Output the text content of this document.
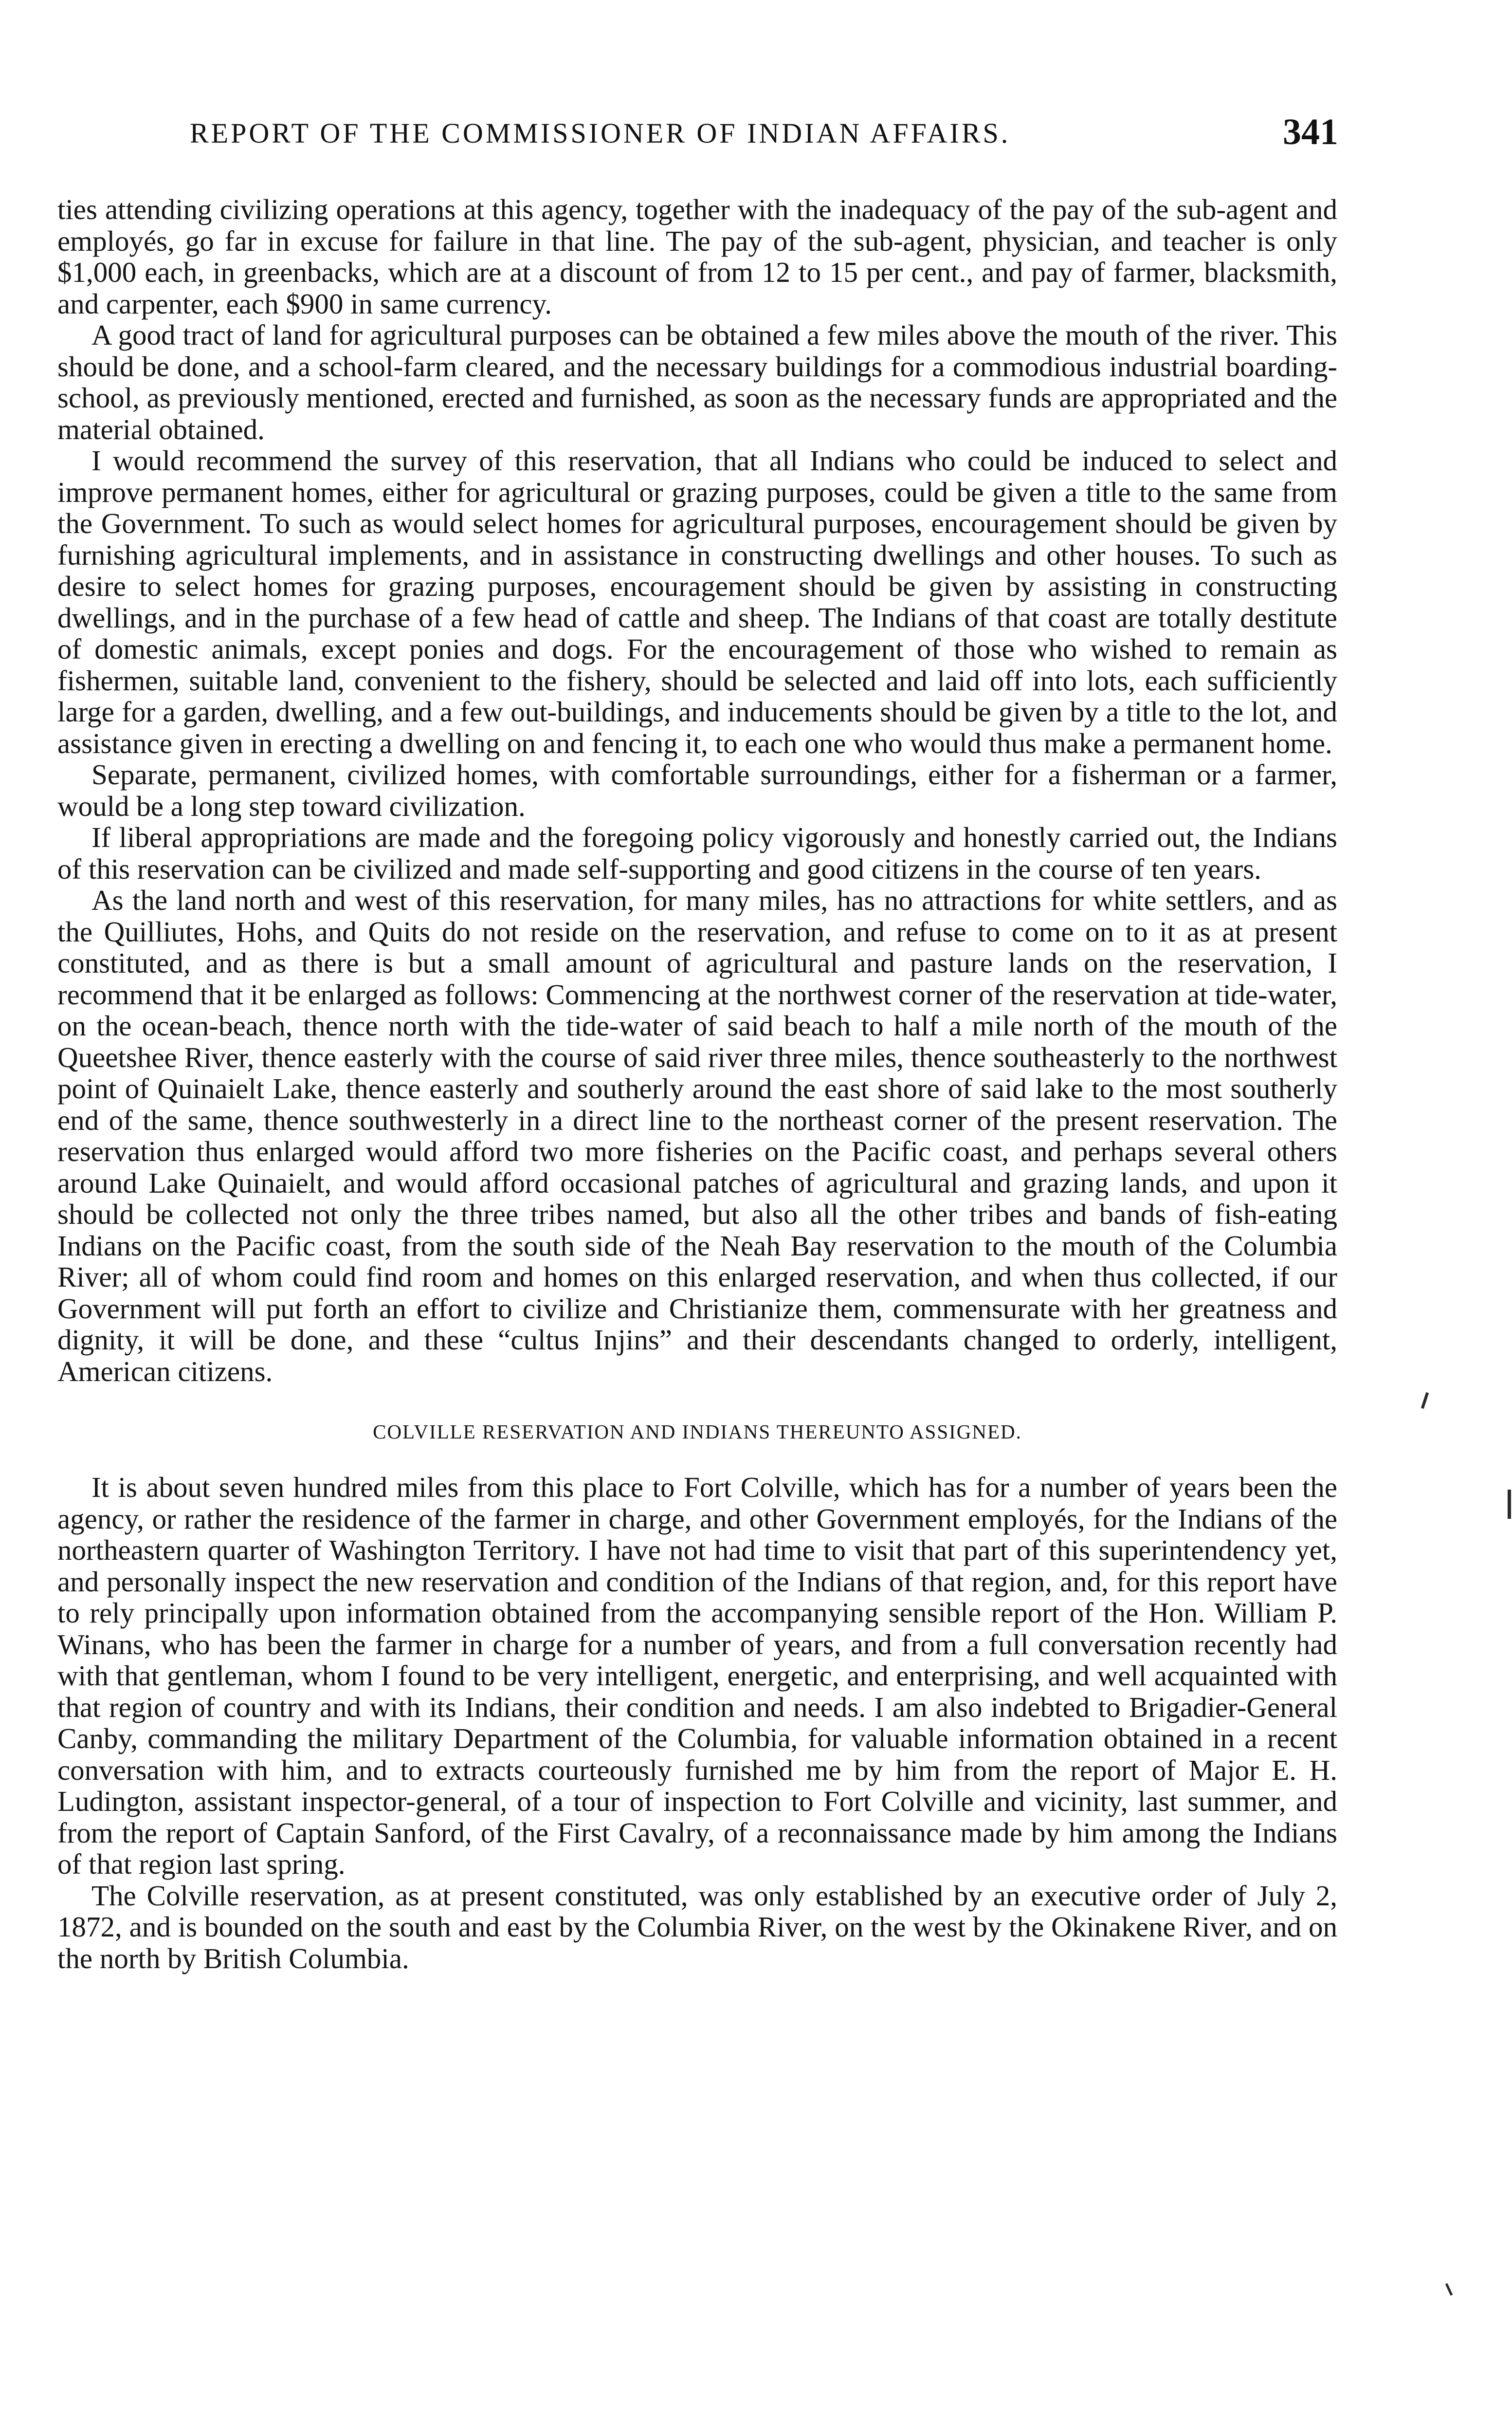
REPORT OF THE COMMISSIONER OF INDIAN AFFAIRS.	341

ties attending civilizing operations at this agency, together with the inadequacy of the pay of the sub-agent and employés, go far in excuse for failure in that line. The pay of the sub-agent, physician, and teacher is only $1,000 each, in greenbacks, which are at a discount of from 12 to 15 per cent., and pay of farmer, blacksmith, and carpenter, each $900 in same currency.

A good tract of land for agricultural purposes can be obtained a few miles above the mouth of the river. This should be done, and a school-farm cleared, and the necessary buildings for a commodious industrial boarding-school, as previously mentioned, erected and furnished, as soon as the necessary funds are appropriated and the material obtained.

I would recommend the survey of this reservation, that all Indians who could be induced to select and improve permanent homes, either for agricultural or grazing purposes, could be given a title to the same from the Government. To such as would select homes for agricultural purposes, encouragement should be given by furnishing agricultural implements, and in assistance in constructing dwellings and other houses. To such as desire to select homes for grazing purposes, encouragement should be given by assisting in constructing dwellings, and in the purchase of a few head of cattle and sheep. The Indians of that coast are totally destitute of domestic animals, except ponies and dogs. For the encouragement of those who wished to remain as fishermen, suitable land, convenient to the fishery, should be selected and laid off into lots, each sufficiently large for a garden, dwelling, and a few out-buildings, and inducements should be given by a title to the lot, and assistance given in erecting a dwelling on and fencing it, to each one who would thus make a permanent home.

Separate, permanent, civilized homes, with comfortable surroundings, either for a fisherman or a farmer, would be a long step toward civilization.

If liberal appropriations are made and the foregoing policy vigorously and honestly carried out, the Indians of this reservation can be civilized and made self-supporting and good citizens in the course of ten years.

As the land north and west of this reservation, for many miles, has no attractions for white settlers, and as the Quilliutes, Hohs, and Quits do not reside on the reservation, and refuse to come on to it as at present constituted, and as there is but a small amount of agricultural and pasture lands on the reservation, I recommend that it be enlarged as follows: Commencing at the northwest corner of the reservation at tide-water, on the ocean-beach, thence north with the tide-water of said beach to half a mile north of the mouth of the Queetshee River, thence easterly with the course of said river three miles, thence southeasterly to the northwest point of Quinaielt Lake, thence easterly and southerly around the east shore of said lake to the most southerly end of the same, thence southwesterly in a direct line to the northeast corner of the present reservation. The reservation thus enlarged would afford two more fisheries on the Pacific coast, and perhaps several others around Lake Quinaielt, and would afford occasional patches of agricultural and grazing lands, and upon it should be collected not only the three tribes named, but also all the other tribes and bands of fish-eating Indians on the Pacific coast, from the south side of the Neah Bay reservation to the mouth of the Columbia River; all of whom could find room and homes on this enlarged reservation, and when thus collected, if our Government will put forth an effort to civilize and Christianize them, commensurate with her greatness and dignity, it will be done, and these “cultus Injins” and their descendants changed to orderly, intelligent, American citizens.

COLVILLE RESERVATION AND INDIANS THEREUNTO ASSIGNED.

It is about seven hundred miles from this place to Fort Colville, which has for a number of years been the agency, or rather the residence of the farmer in charge, and other Government employés, for the Indians of the northeastern quarter of Washington Territory. I have not had time to visit that part of this superintendency yet, and personally inspect the new reservation and condition of the Indians of that region, and, for this report have to rely principally upon information obtained from the accompanying sensible report of the Hon. William P. Winans, who has been the farmer in charge for a number of years, and from a full conversation recently had with that gentleman, whom I found to be very intelligent, energetic, and enterprising, and well acquainted with that region of country and with its Indians, their condition and needs. I am also indebted to Brigadier-General Canby, commanding the military Department of the Columbia, for valuable information obtained in a recent conversation with him, and to extracts courteously furnished me by him from the report of Major E. H. Ludington, assistant inspector-general, of a tour of inspection to Fort Colville and vicinity, last summer, and from the report of Captain Sanford, of the First Cavalry, of a reconnaissance made by him among the Indians of that region last spring.

The Colville reservation, as at present constituted, was only established by an executive order of July 2, 1872, and is bounded on the south and east by the Columbia River, on the west by the Okinakene River, and on the north by British Columbia.
